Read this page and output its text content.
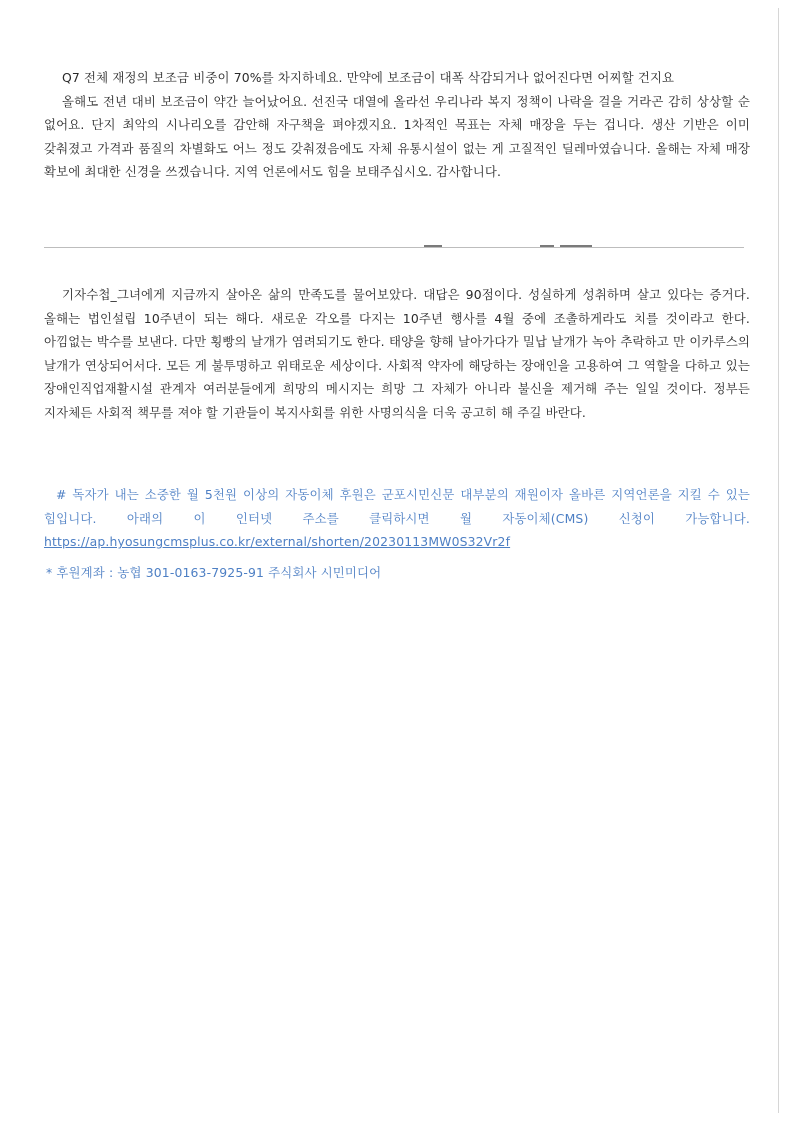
Q7 전체 재정의 보조금 비중이 70%를 차지하네요. 만약에 보조금이 대폭 삭감되거나 없어진다면 어찌할 건지요

올해도 전년 대비 보조금이 약간 늘어났어요. 선진국 대열에 올라선 우리나라 복지 정책이 나락을 걸을 거라곤 감히 상상할 순 없어요. 단지 최악의 시나리오를 감안해 자구책을 펴야겠지요. 1차적인 목표는 자체 매장을 두는 겁니다. 생산 기반은 이미 갖춰졌고 가격과 품질의 차별화도 어느 정도 갖춰졌음에도 자체 유통시설이 없는 게 고질적인 딜레마였습니다. 올해는 자체 매장 확보에 최대한 신경을 쓰겠습니다. 지역 언론에서도 힘을 보태주십시오. 감사합니다.

기자수첩_그녀에게 지금까지 살아온 삶의 만족도를 물어보았다. 대답은 90점이다. 성실하게 성취하며 살고 있다는 증거다. 올해는 법인설립 10주년이 되는 해다. 새로운 각오를 다지는 10주년 행사를 4월 중에 조촐하게라도 치를 것이라고 한다. 아낌없는 박수를 보낸다. 다만 횡빵의 날개가 염려되기도 한다. 태양을 향해 날아가다가 밀납 날개가 녹아 추락하고 만 이카루스의 날개가 연상되어서다. 모든 게 불투명하고 위태로운 세상이다. 사회적 약자에 해당하는 장애인을 고용하여 그 역할을 다하고 있는 장애인직업재활시설 관계자 여러분들에게 희망의 메시지는 희망 그 자체가 아니라 불신을 제거해 주는 일일 것이다. 정부든 지자체든 사회적 책무를 져야 할 기관들이 복지사회를 위한 사명의식을 더욱 공고히 해 주길 바란다.

# 독자가 내는 소중한 월 5천원 이상의 자동이체 후원은 군포시민신문 대부분의 재원이자 올바른 지역언론을 지킬 수 있는 힘입니다. 아래의 이 인터넷 주소를 클릭하시면 월 자동이체(CMS) 신청이 가능합니다. https://ap.hyosungcmsplus.co.kr/external/shorten/20230113MW0S32Vr2f

* 후원계좌 : 농협 301-0163-7925-91 주식회사 시민미디어
